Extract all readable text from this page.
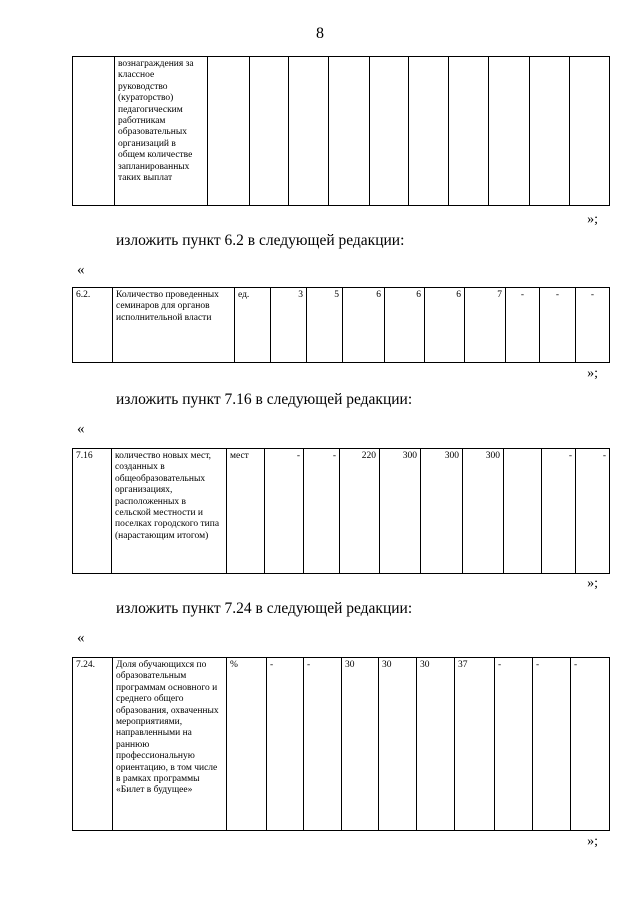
8
	вознаграждения за классное руководство (кураторство) педагогическим работникам образовательных организаций в общем количестве запланированных таких выплат										
»;
изложить пункт 6.2 в следующей редакции:
«
6.2.	Количество проведенных семинаров для органов исполнительной власти	ед.	3	5	6	6	6	7	-	-	-
»;
изложить пункт 7.16 в следующей редакции:
«
7.16	количество новых мест, созданных в общеобразовательных организациях, расположенных в сельской местности и поселках городского типа (нарастающим итогом)	мест	-	-	220	300	300	300		-	-
»;
изложить пункт 7.24 в следующей редакции:
«
7.24.	Доля обучающихся по образовательным программам основного и среднего общего образования, охваченных мероприятиями, направленными на раннюю профессиональную ориентацию, в том числе в рамках программы «Билет в будущее»	%	-	-	30	30	30	37	-	-	-
»;
